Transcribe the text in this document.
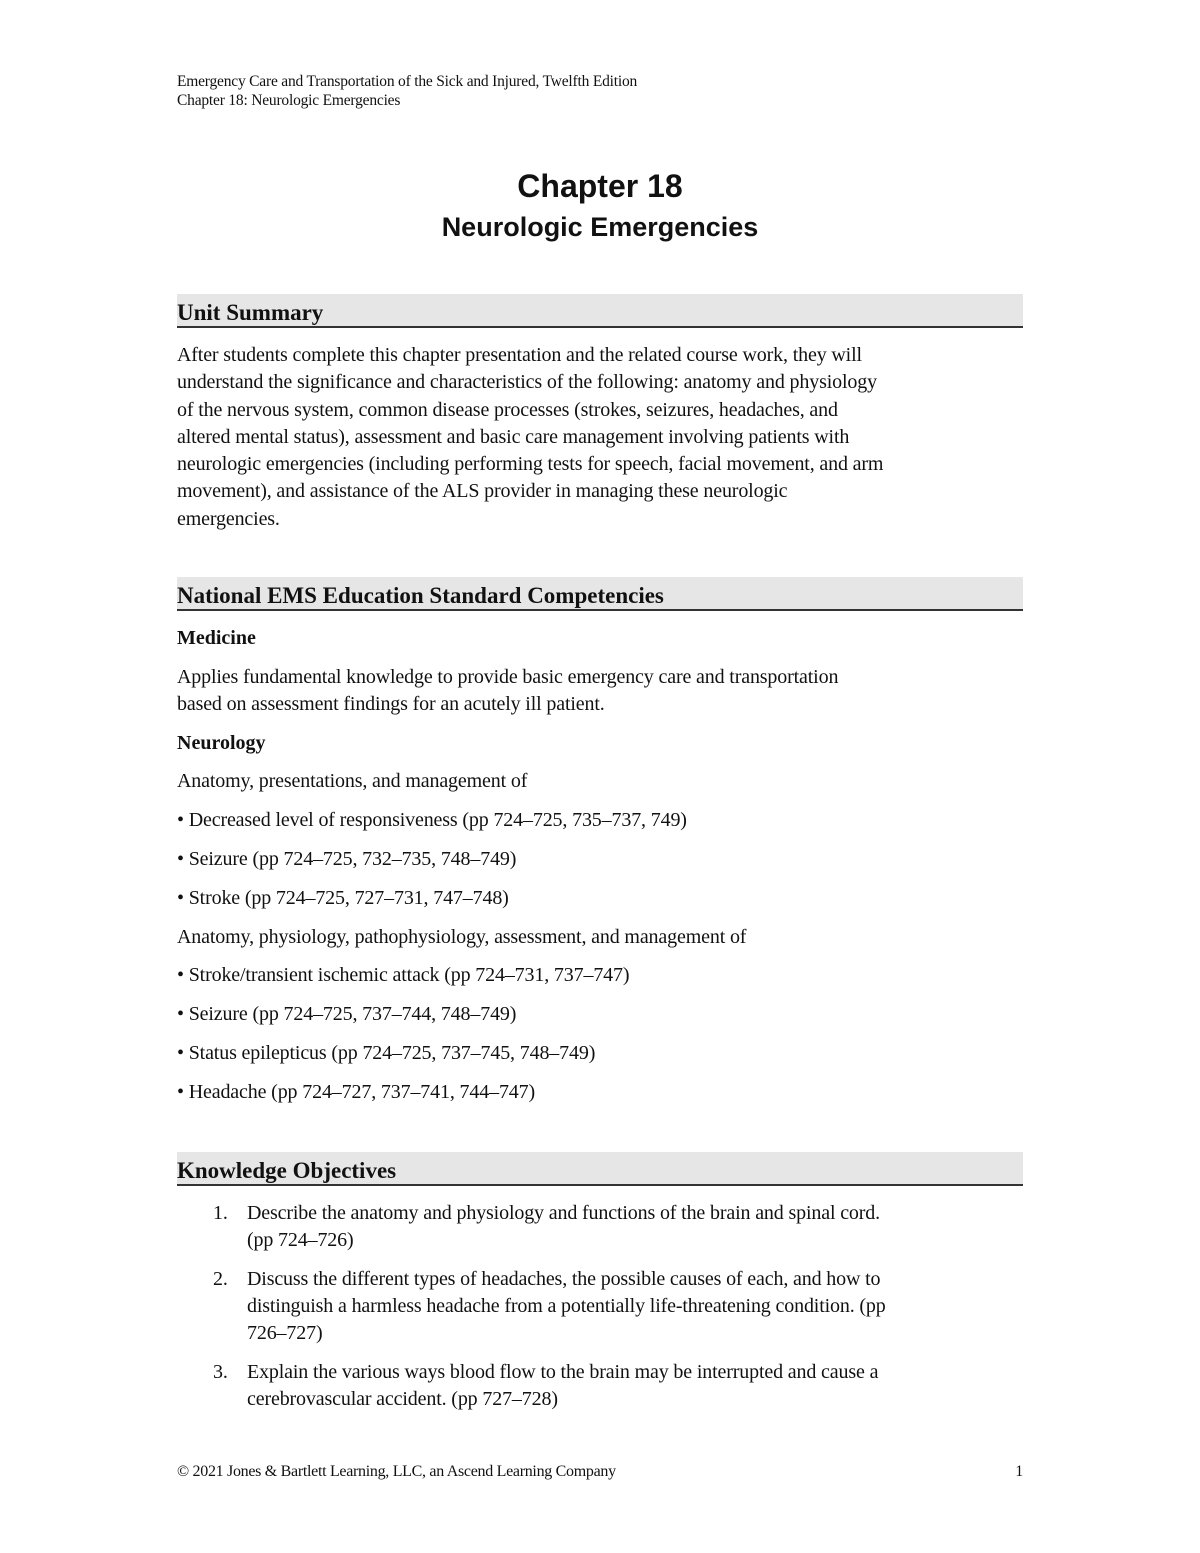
Emergency Care and Transportation of the Sick and Injured, Twelfth Edition
Chapter 18: Neurologic Emergencies
Chapter 18
Neurologic Emergencies
Unit Summary
After students complete this chapter presentation and the related course work, they will
understand the significance and characteristics of the following: anatomy and physiology
of the nervous system, common disease processes (strokes, seizures, headaches, and
altered mental status), assessment and basic care management involving patients with
neurologic emergencies (including performing tests for speech, facial movement, and arm
movement), and assistance of the ALS provider in managing these neurologic
emergencies.
National EMS Education Standard Competencies
Medicine
Applies fundamental knowledge to provide basic emergency care and transportation
based on assessment findings for an acutely ill patient.
Neurology
Anatomy, presentations, and management of
• Decreased level of responsiveness (pp 724–725, 735–737, 749)
• Seizure (pp 724–725, 732–735, 748–749)
• Stroke (pp 724–725, 727–731, 747–748)
Anatomy, physiology, pathophysiology, assessment, and management of
• Stroke/transient ischemic attack (pp 724–731, 737–747)
• Seizure (pp 724–725, 737–744, 748–749)
• Status epilepticus (pp 724–725, 737–745, 748–749)
• Headache (pp 724–727, 737–741, 744–747)
Knowledge Objectives
1. Describe the anatomy and physiology and functions of the brain and spinal cord.
(pp 724–726)
2. Discuss the different types of headaches, the possible causes of each, and how to
distinguish a harmless headache from a potentially life-threatening condition. (pp
726–727)
3. Explain the various ways blood flow to the brain may be interrupted and cause a
cerebrovascular accident. (pp 727–728)
© 2021 Jones & Bartlett Learning, LLC, an Ascend Learning Company	1
